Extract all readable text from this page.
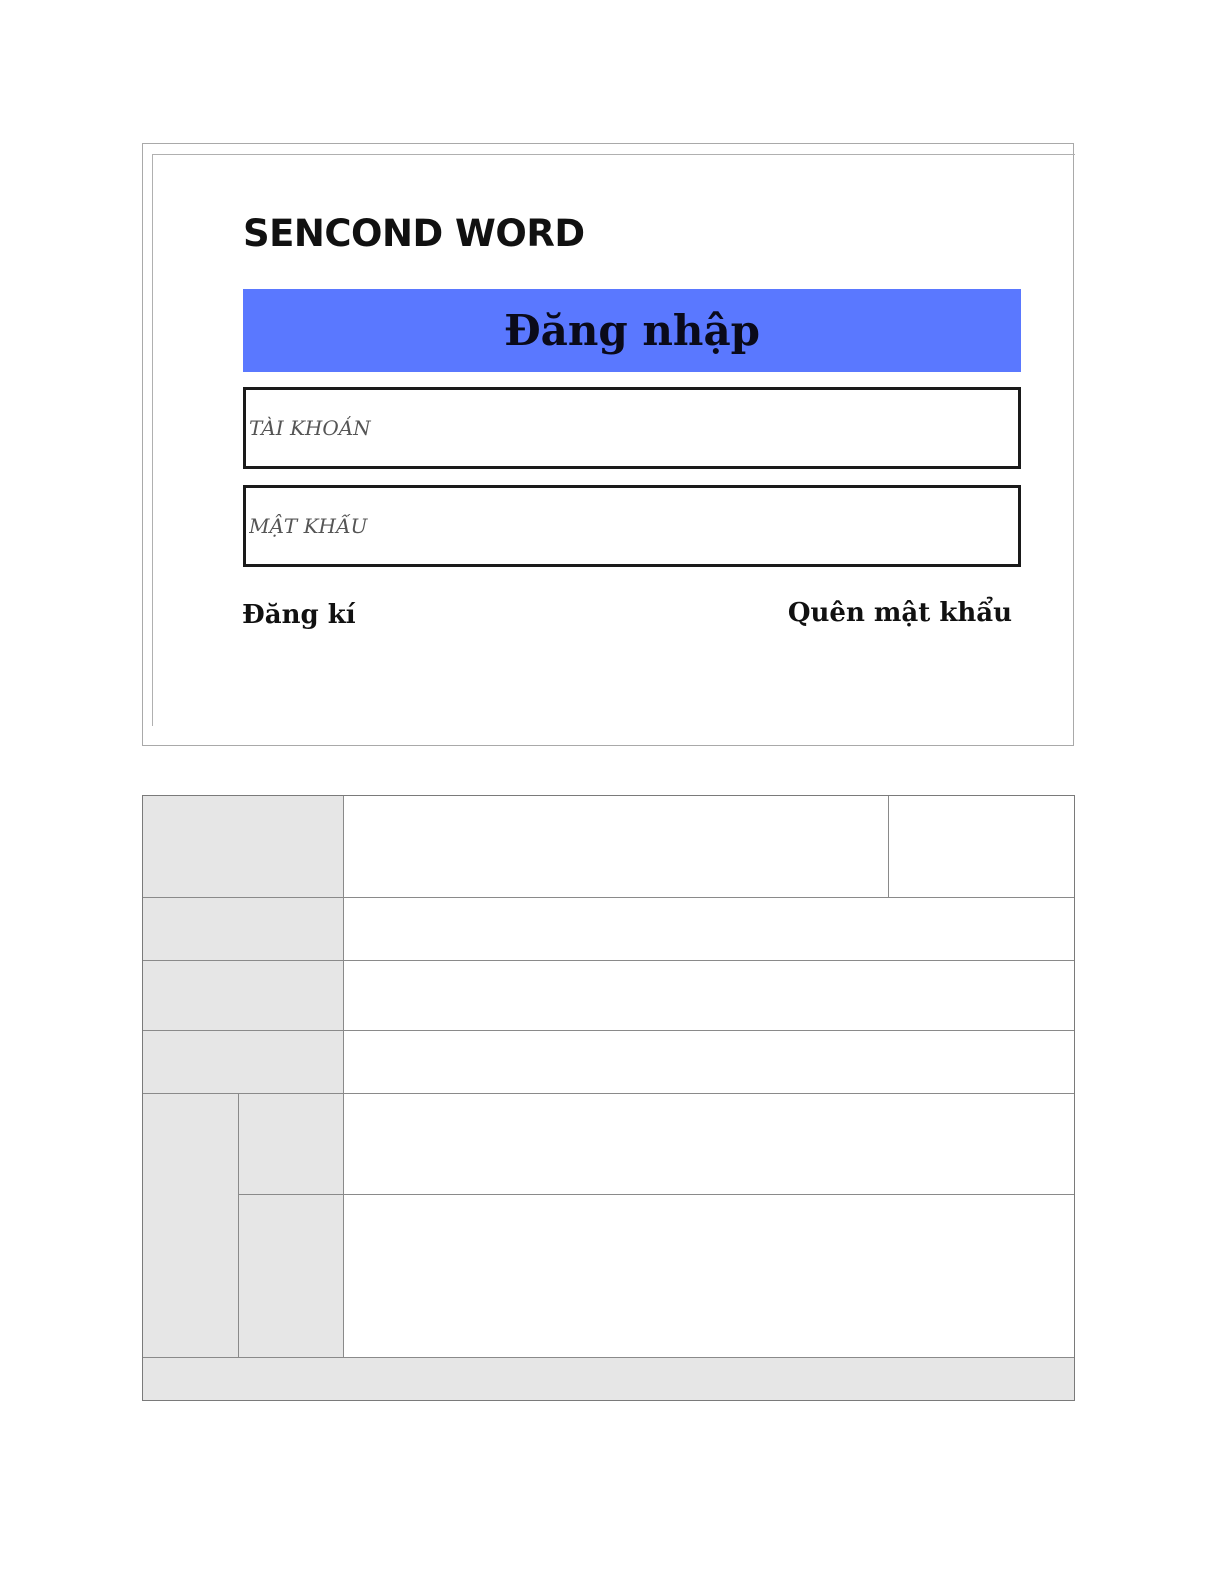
SENCOND WORD
Đăng nhập
TÀI KHOẢN
Đăng kí	Quên mật khẩu
